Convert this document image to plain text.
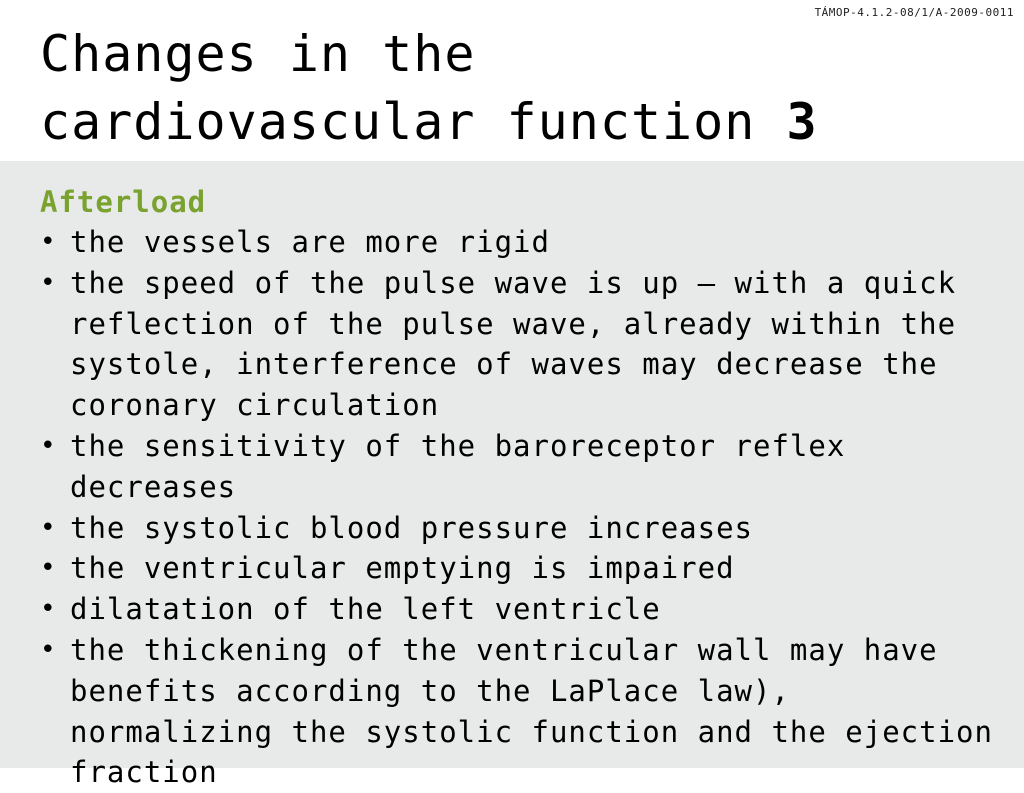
TÁMOP-4.1.2-08/1/A-2009-0011
Changes in the
cardiovascular function 3
Afterload
• the vessels are more rigid
• the speed of the pulse wave is up – with a quick reflection of the pulse wave, already within the systole, interference of waves may decrease the coronary circulation
• the sensitivity of the baroreceptor reflex decreases
• the systolic blood pressure increases
• the ventricular emptying is impaired
• dilatation of the left ventricle
• the thickening of the ventricular wall may have benefits according to the LaPlace law), normalizing the systolic function and the ejection fraction
